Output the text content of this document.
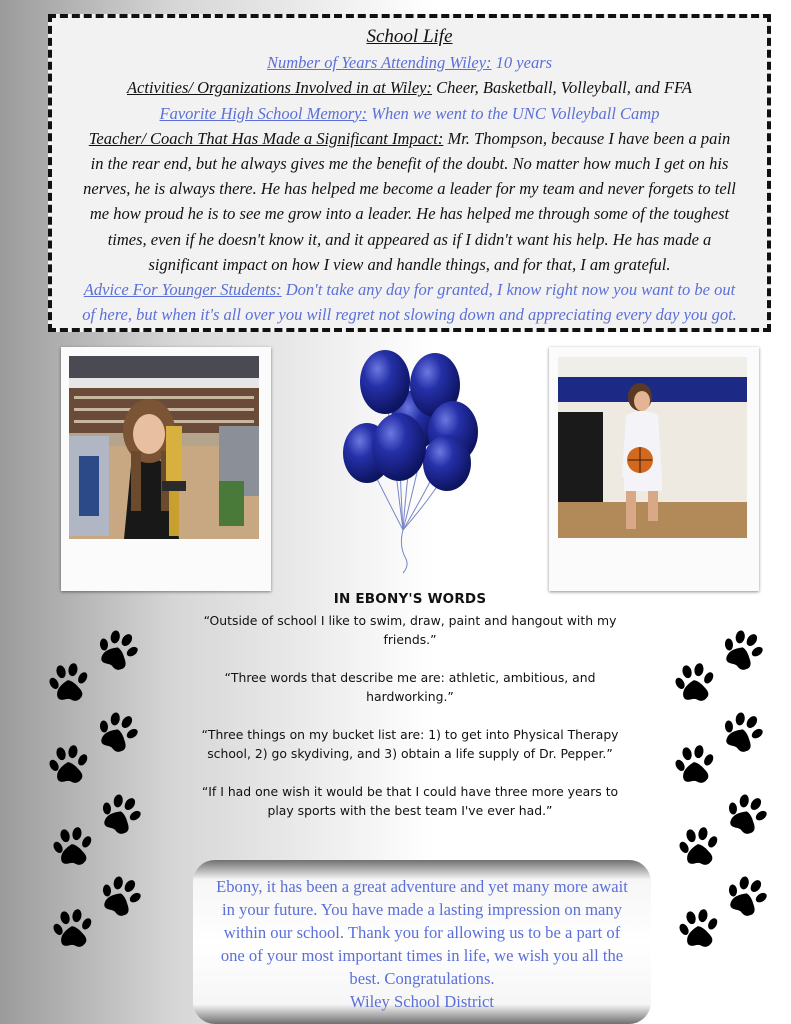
School Life
Number of Years Attending Wiley: 10 years
Activities/ Organizations Involved in at Wiley: Cheer, Basketball, Volleyball, and FFA
Favorite High School Memory: When we went to the UNC Volleyball Camp
Teacher/ Coach That Has Made a Significant Impact: Mr. Thompson, because I have been a pain in the rear end, but he always gives me the benefit of the doubt. No matter how much I get on his nerves, he is always there. He has helped me become a leader for my team and never forgets to tell me how proud he is to see me grow into a leader. He has helped me through some of the toughest times, even if he doesn't know it, and it appeared as if I didn't want his help. He has made a significant impact on how I view and handle things, and for that, I am grateful.
Advice For Younger Students: Don't take any day for granted, I know right now you want to be out of here, but when it's all over you will regret not slowing down and appreciating every day you got.
IN EBONY'S WORDS

“Outside of school I like to swim, draw, paint and hangout with my friends.”

“Three words that describe me are: athletic, ambitious, and hardworking.”

“Three things on my bucket list are: 1) to get into Physical Therapy school, 2) go skydiving, and 3) obtain a life supply of Dr. Pepper.”

“If I had one wish it would be that I could have three more years to play sports with the best team I've ever had.”

Ebony, it has been a great adventure and yet many more await in your future. You have made a lasting impression on many within our school. Thank you for allowing us to be a part of one of your most important times in life, we wish you all the best. Congratulations.
Wiley School District
